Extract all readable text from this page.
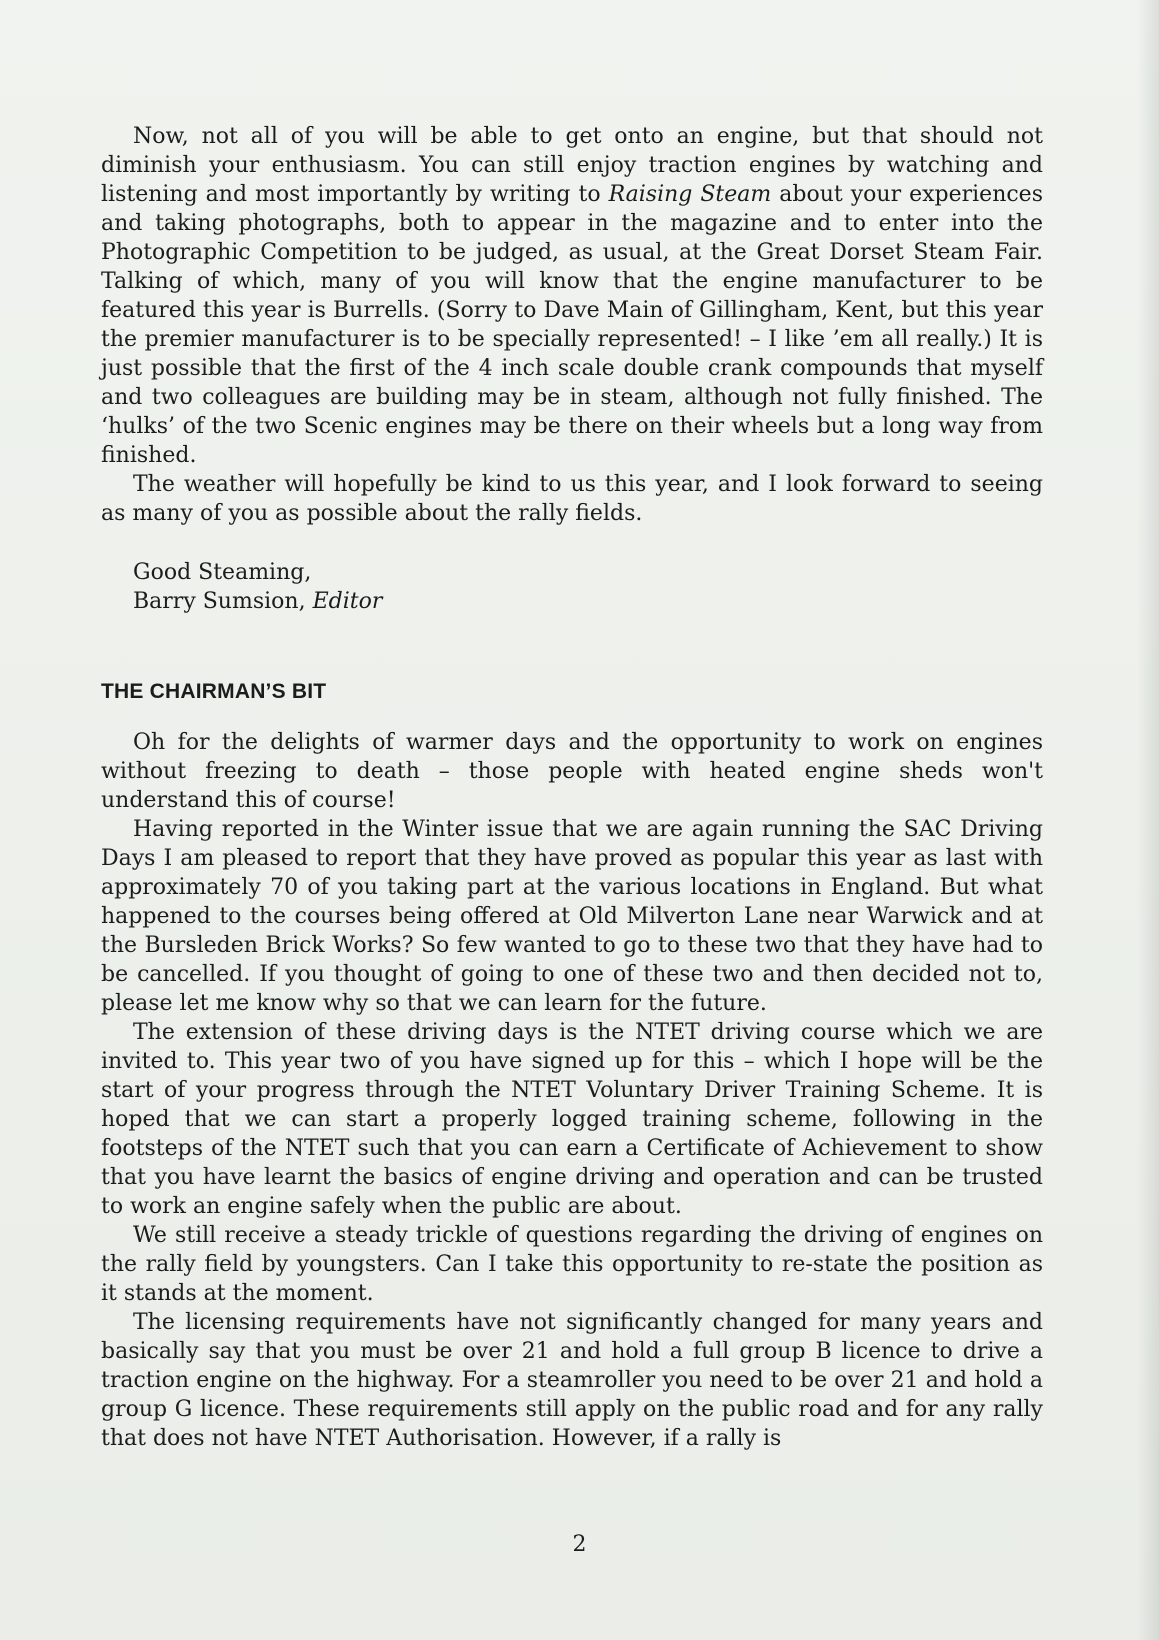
Now, not all of you will be able to get onto an engine, but that should not diminish your enthusiasm. You can still enjoy traction engines by watching and listening and most importantly by writing to Raising Steam about your experiences and taking photographs, both to appear in the magazine and to enter into the Photographic Competition to be judged, as usual, at the Great Dorset Steam Fair. Talking of which, many of you will know that the engine manufacturer to be featured this year is Burrells. (Sorry to Dave Main of Gillingham, Kent, but this year the premier manufacturer is to be specially represented! – I like ’em all really.) It is just possible that the first of the 4 inch scale double crank compounds that myself and two colleagues are building may be in steam, although not fully finished. The ‘hulks’ of the two Scenic engines may be there on their wheels but a long way from finished.

The weather will hopefully be kind to us this year, and I look forward to seeing as many of you as possible about the rally fields.

Good Steaming,

Barry Sumsion, Editor

THE CHAIRMAN’S BIT

Oh for the delights of warmer days and the opportunity to work on engines without freezing to death – those people with heated engine sheds won't understand this of course!

Having reported in the Winter issue that we are again running the SAC Driving Days I am pleased to report that they have proved as popular this year as last with approximately 70 of you taking part at the various locations in England. But what happened to the courses being offered at Old Milverton Lane near Warwick and at the Bursleden Brick Works? So few wanted to go to these two that they have had to be cancelled. If you thought of going to one of these two and then decided not to, please let me know why so that we can learn for the future.

The extension of these driving days is the NTET driving course which we are invited to. This year two of you have signed up for this – which I hope will be the start of your progress through the NTET Voluntary Driver Training Scheme. It is hoped that we can start a properly logged training scheme, following in the footsteps of the NTET such that you can earn a Certificate of Achievement to show that you have learnt the basics of engine driving and operation and can be trusted to work an engine safely when the public are about.

We still receive a steady trickle of questions regarding the driving of engines on the rally field by youngsters. Can I take this opportunity to re-state the position as it stands at the moment.

The licensing requirements have not significantly changed for many years and basically say that you must be over 21 and hold a full group B licence to drive a traction engine on the highway. For a steamroller you need to be over 21 and hold a group G licence. These requirements still apply on the public road and for any rally that does not have NTET Authorisation. However, if a rally is

2
